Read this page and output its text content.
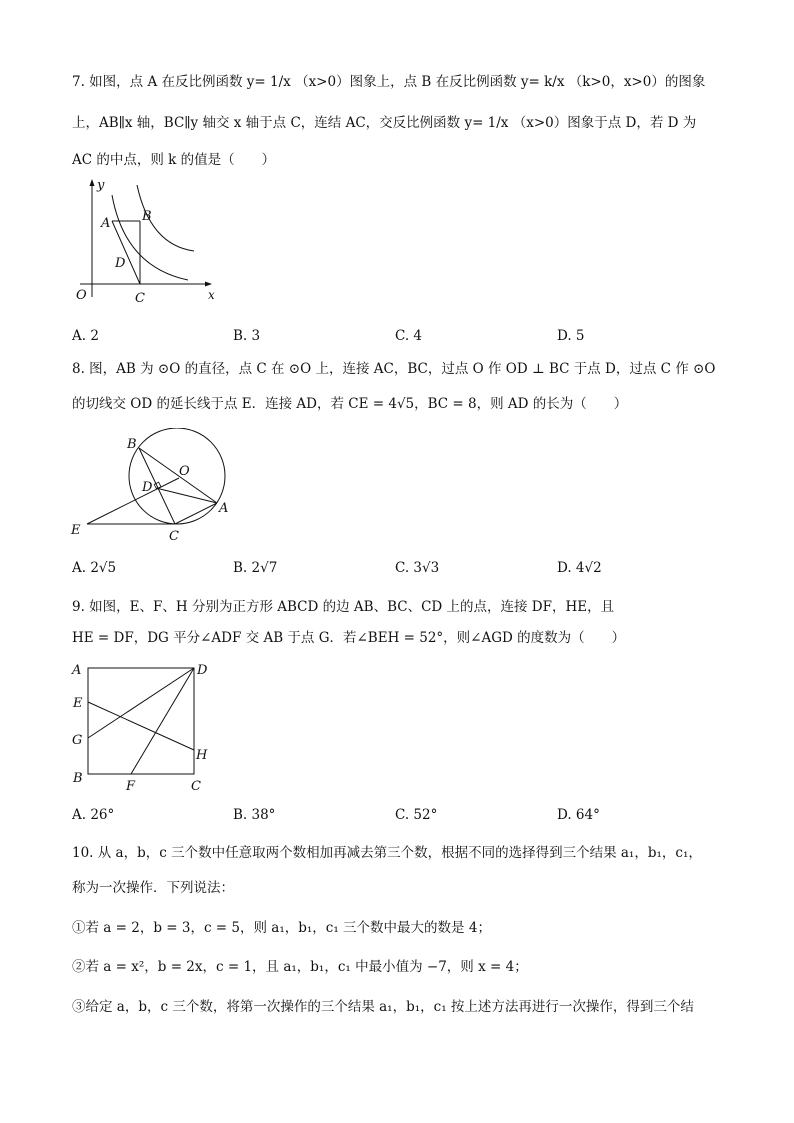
7. 如图，点 A 在反比例函数 y= 1/x （x>0）图象上，点 B 在反比例函数 y= k/x （k>0，x>0）的图象
上，AB∥x 轴，BC∥y 轴交 x 轴于点 C，连结 AC，交反比例函数 y= 1/x （x>0）图象于点 D，若 D 为
AC 的中点，则 k 的值是（　　）
y
A B
D
O	C	x
A. 2	B. 3	C. 4	D. 5
8. 图，AB 为 ⊙O 的直径，点 C 在 ⊙O 上，连接 AC，BC，过点 O 作 OD ⊥ BC 于点 D，过点 C 作 ⊙O
的切线交 OD 的延长线于点 E．连接 AD，若 CE = 4√5，BC = 8，则 AD 的长为（　　）
B
O
D
A
E	C
A. 2√5	B. 2√7	C. 3√3	D. 4√2
9. 如图，E、F、H 分别为正方形 ABCD 的边 AB、BC、CD 上的点，连接 DF，HE，且
HE = DF，DG 平分∠ADF 交 AB 于点 G．若∠BEH = 52°，则∠AGD 的度数为（　　）
A	D
E
G
H
B
F	C
A. 26°	B. 38°	C. 52°	D. 64°
10. 从 a，b，c 三个数中任意取两个数相加再减去第三个数，根据不同的选择得到三个结果 a₁，b₁，c₁，
称为一次操作．下列说法：
①若 a = 2，b = 3，c = 5，则 a₁，b₁，c₁ 三个数中最大的数是 4；
②若 a = x²，b = 2x，c = 1，且 a₁，b₁，c₁ 中最小值为 −7，则 x = 4；
③给定 a，b，c 三个数，将第一次操作的三个结果 a₁，b₁，c₁ 按上述方法再进行一次操作，得到三个结
